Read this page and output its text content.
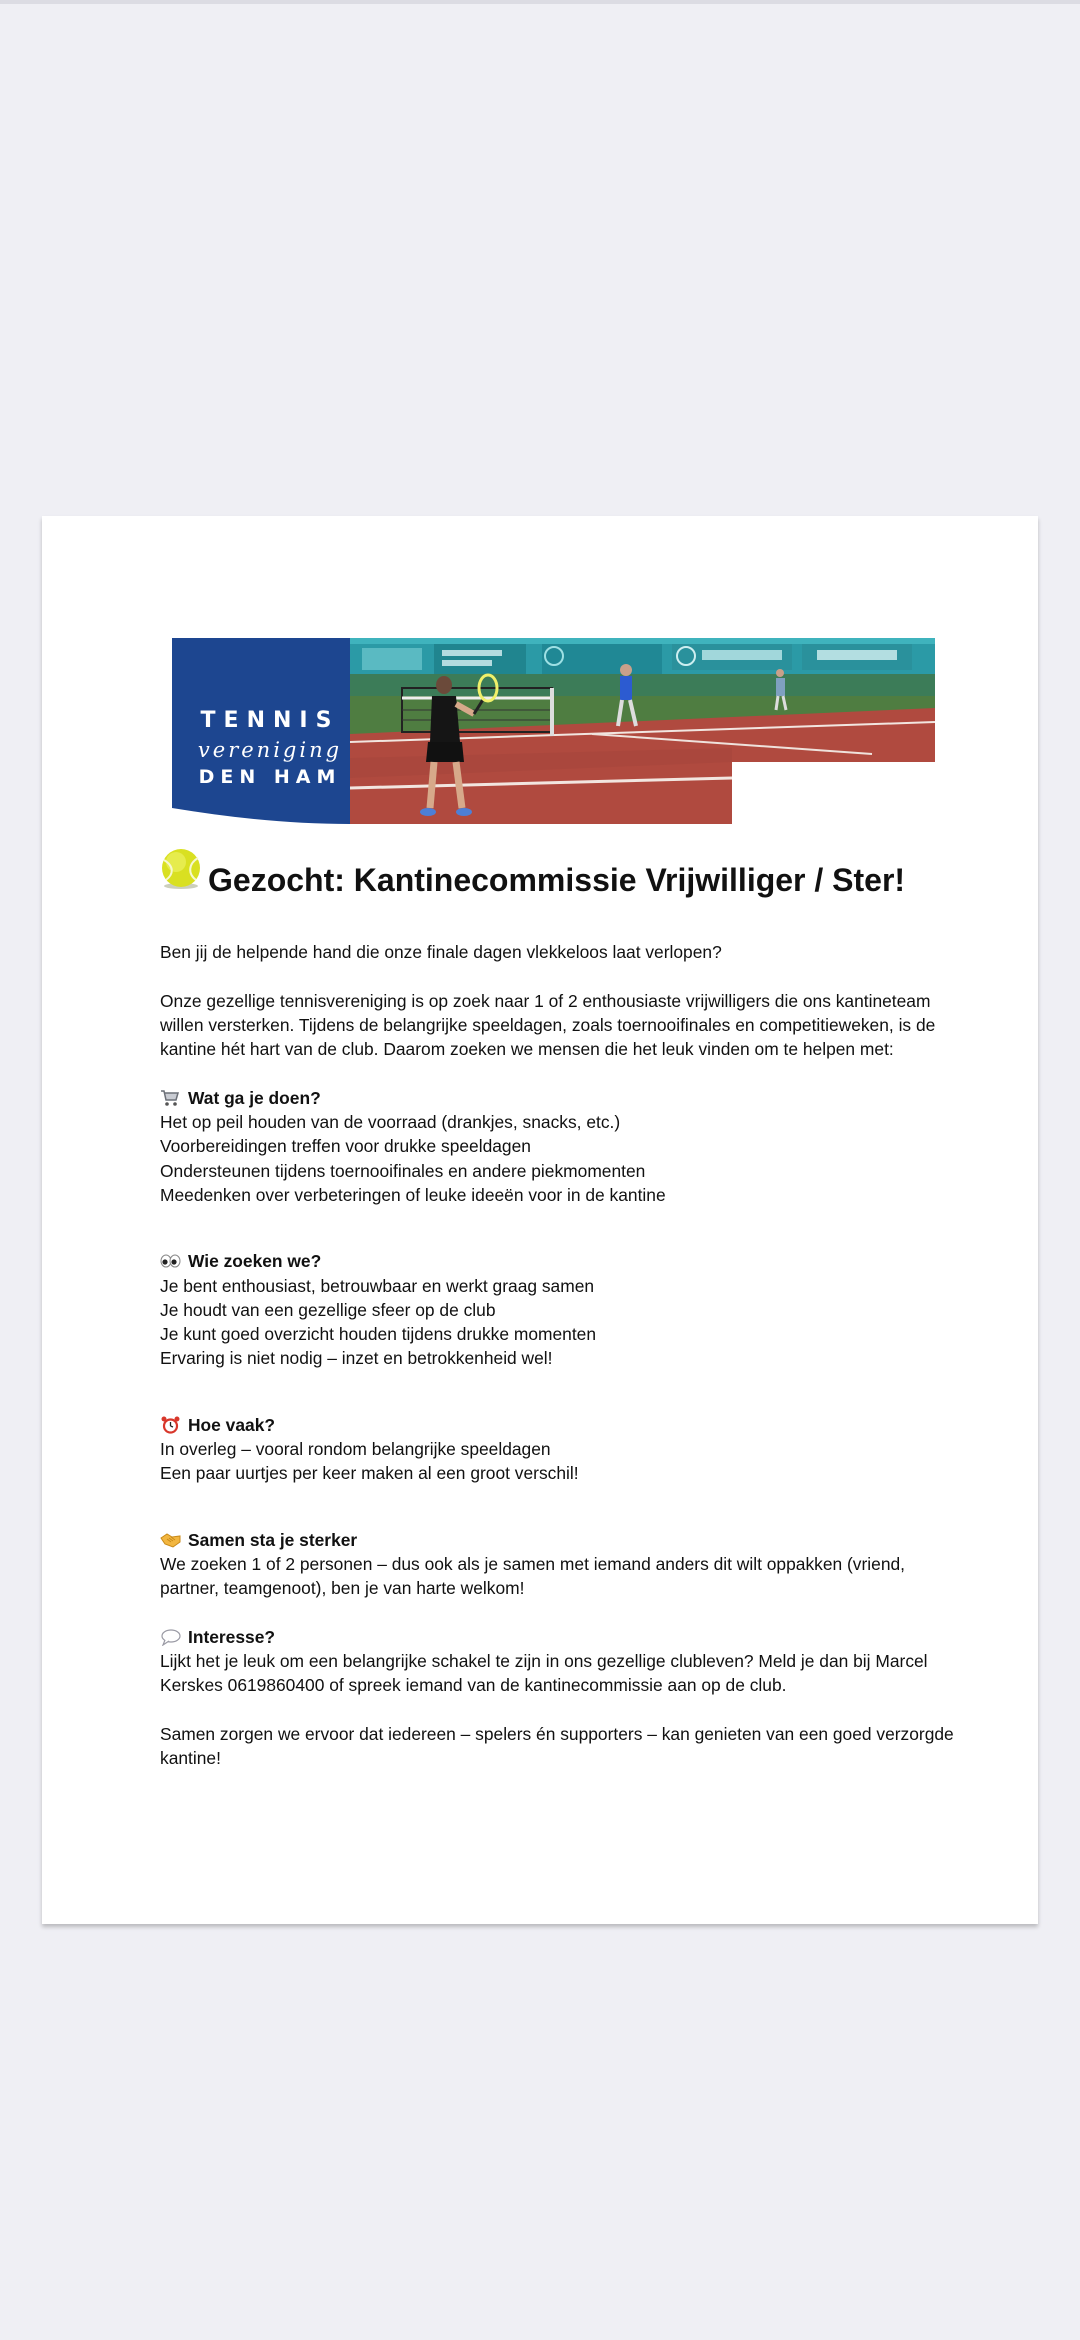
TENNIS
vereniging
DEN HAM
Gezocht: Kantinecommissie Vrijwilliger / Ster!

Ben jij de helpende hand die onze finale dagen vlekkeloos laat verlopen?

Onze gezellige tennisvereniging is op zoek naar 1 of 2 enthousiaste vrijwilligers die ons kantineteam

willen versterken. Tijdens de belangrijke speeldagen, zoals toernooifinales en competitieweken, is de

kantine hét hart van de club. Daarom zoeken we mensen die het leuk vinden om te helpen met:

Wat ga je doen?

Het op peil houden van de voorraad (drankjes, snacks, etc.)

Voorbereidingen treffen voor drukke speeldagen

Ondersteunen tijdens toernooifinales en andere piekmomenten

Meedenken over verbeteringen of leuke ideeën voor in de kantine

Wie zoeken we?

Je bent enthousiast, betrouwbaar en werkt graag samen

Je houdt van een gezellige sfeer op de club

Je kunt goed overzicht houden tijdens drukke momenten

Ervaring is niet nodig – inzet en betrokkenheid wel!

Hoe vaak?

In overleg – vooral rondom belangrijke speeldagen

Een paar uurtjes per keer maken al een groot verschil!

Samen sta je sterker

We zoeken 1 of 2 personen – dus ook als je samen met iemand anders dit wilt oppakken (vriend,

partner, teamgenoot), ben je van harte welkom!

Interesse?

Lijkt het je leuk om een belangrijke schakel te zijn in ons gezellige clubleven? Meld je dan bij Marcel

Kerskes 0619860400 of spreek iemand van de kantinecommissie aan op de club.

Samen zorgen we ervoor dat iedereen – spelers én supporters – kan genieten van een goed verzorgde

kantine!
